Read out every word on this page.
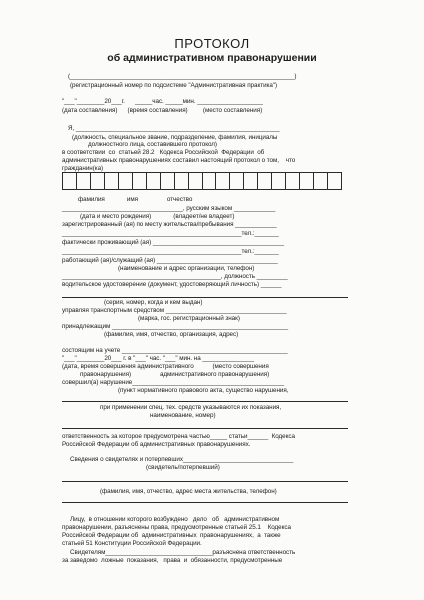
ПРОТОКОЛ
об административном правонарушении
(_________________________________________________________________)
(регистрационный номер по подсистеме "Административная практика")
"___"________20___г.      _____час. _____мин. ___________________
(дата составления)      (время составления)         (место составления)
Я, ___________________________________________________________
(должность, специальное звание, подразделение, фамилия, инициалы
должностного лица, составившего протокол)
в соответствии  со  статьей 28.2   Кодекса Российской  Федерации  об
административных правонарушениях составил настоящий протокол о том,    что
гражданин(ка)
фамилия             имя                 отчество
___________________________________, русским языком ____________
(дата и место рождения)             (владеет/не владеет)
зарегистрированный (ая) по месту жительства/пребывания ____________
____________________________________________________тел.:_______
фактически проживающий (ая) ______________________________________
____________________________________________________тел.:_______
работающий (ая)/служащий (ая) ___________________________________
(наименование и адрес организации, телефон)
______________________________________________, должность _________
водительское удостоверение (документ, удостоверяющий личность) ______
(серия, номер, когда и кем выдан)
управляя транспортным средством ___________________________________
(марка, гос. регистрационный знак)
принадлежащим ___________________________________________________
(фамилия, имя, отчество, организация, адрес)
состоящим на учете ________________________________________________
"___"________20___ г. в "___" час. "___" мин. на _______________
(дата, время совершения административного           (место совершения
правонарушения)                 административного правонарушения)
совершил(а) нарушение____________________________________________
(пункт нормативного правового акта, существо нарушения,
при применении спец. тех. средств указываются их показания,
наименование, номер)
ответственность за которое предусмотрена частью_____ статьи______  Кодекса
Российской Федерации об административных правонарушениях.
Сведения о свидетелях и потерпевших________________________________
(свидетель/потерпевший)
(фамилия, имя, отчество, адрес места жительства, телефон)
Лицу,  в отношении которого возбуждено   дело   об   административном
правонарушении, разъяснены права, предусмотренные статьей 25.1    Кодекса
Российской Федерации об  административных  правонарушениях,  а  также
статьей 51 Конституции Российской Федерации.
Свидетелям_______________________________разъяснена ответственность
за заведомо  ложные  показания,   права  и  обязанности, предусмотренные
